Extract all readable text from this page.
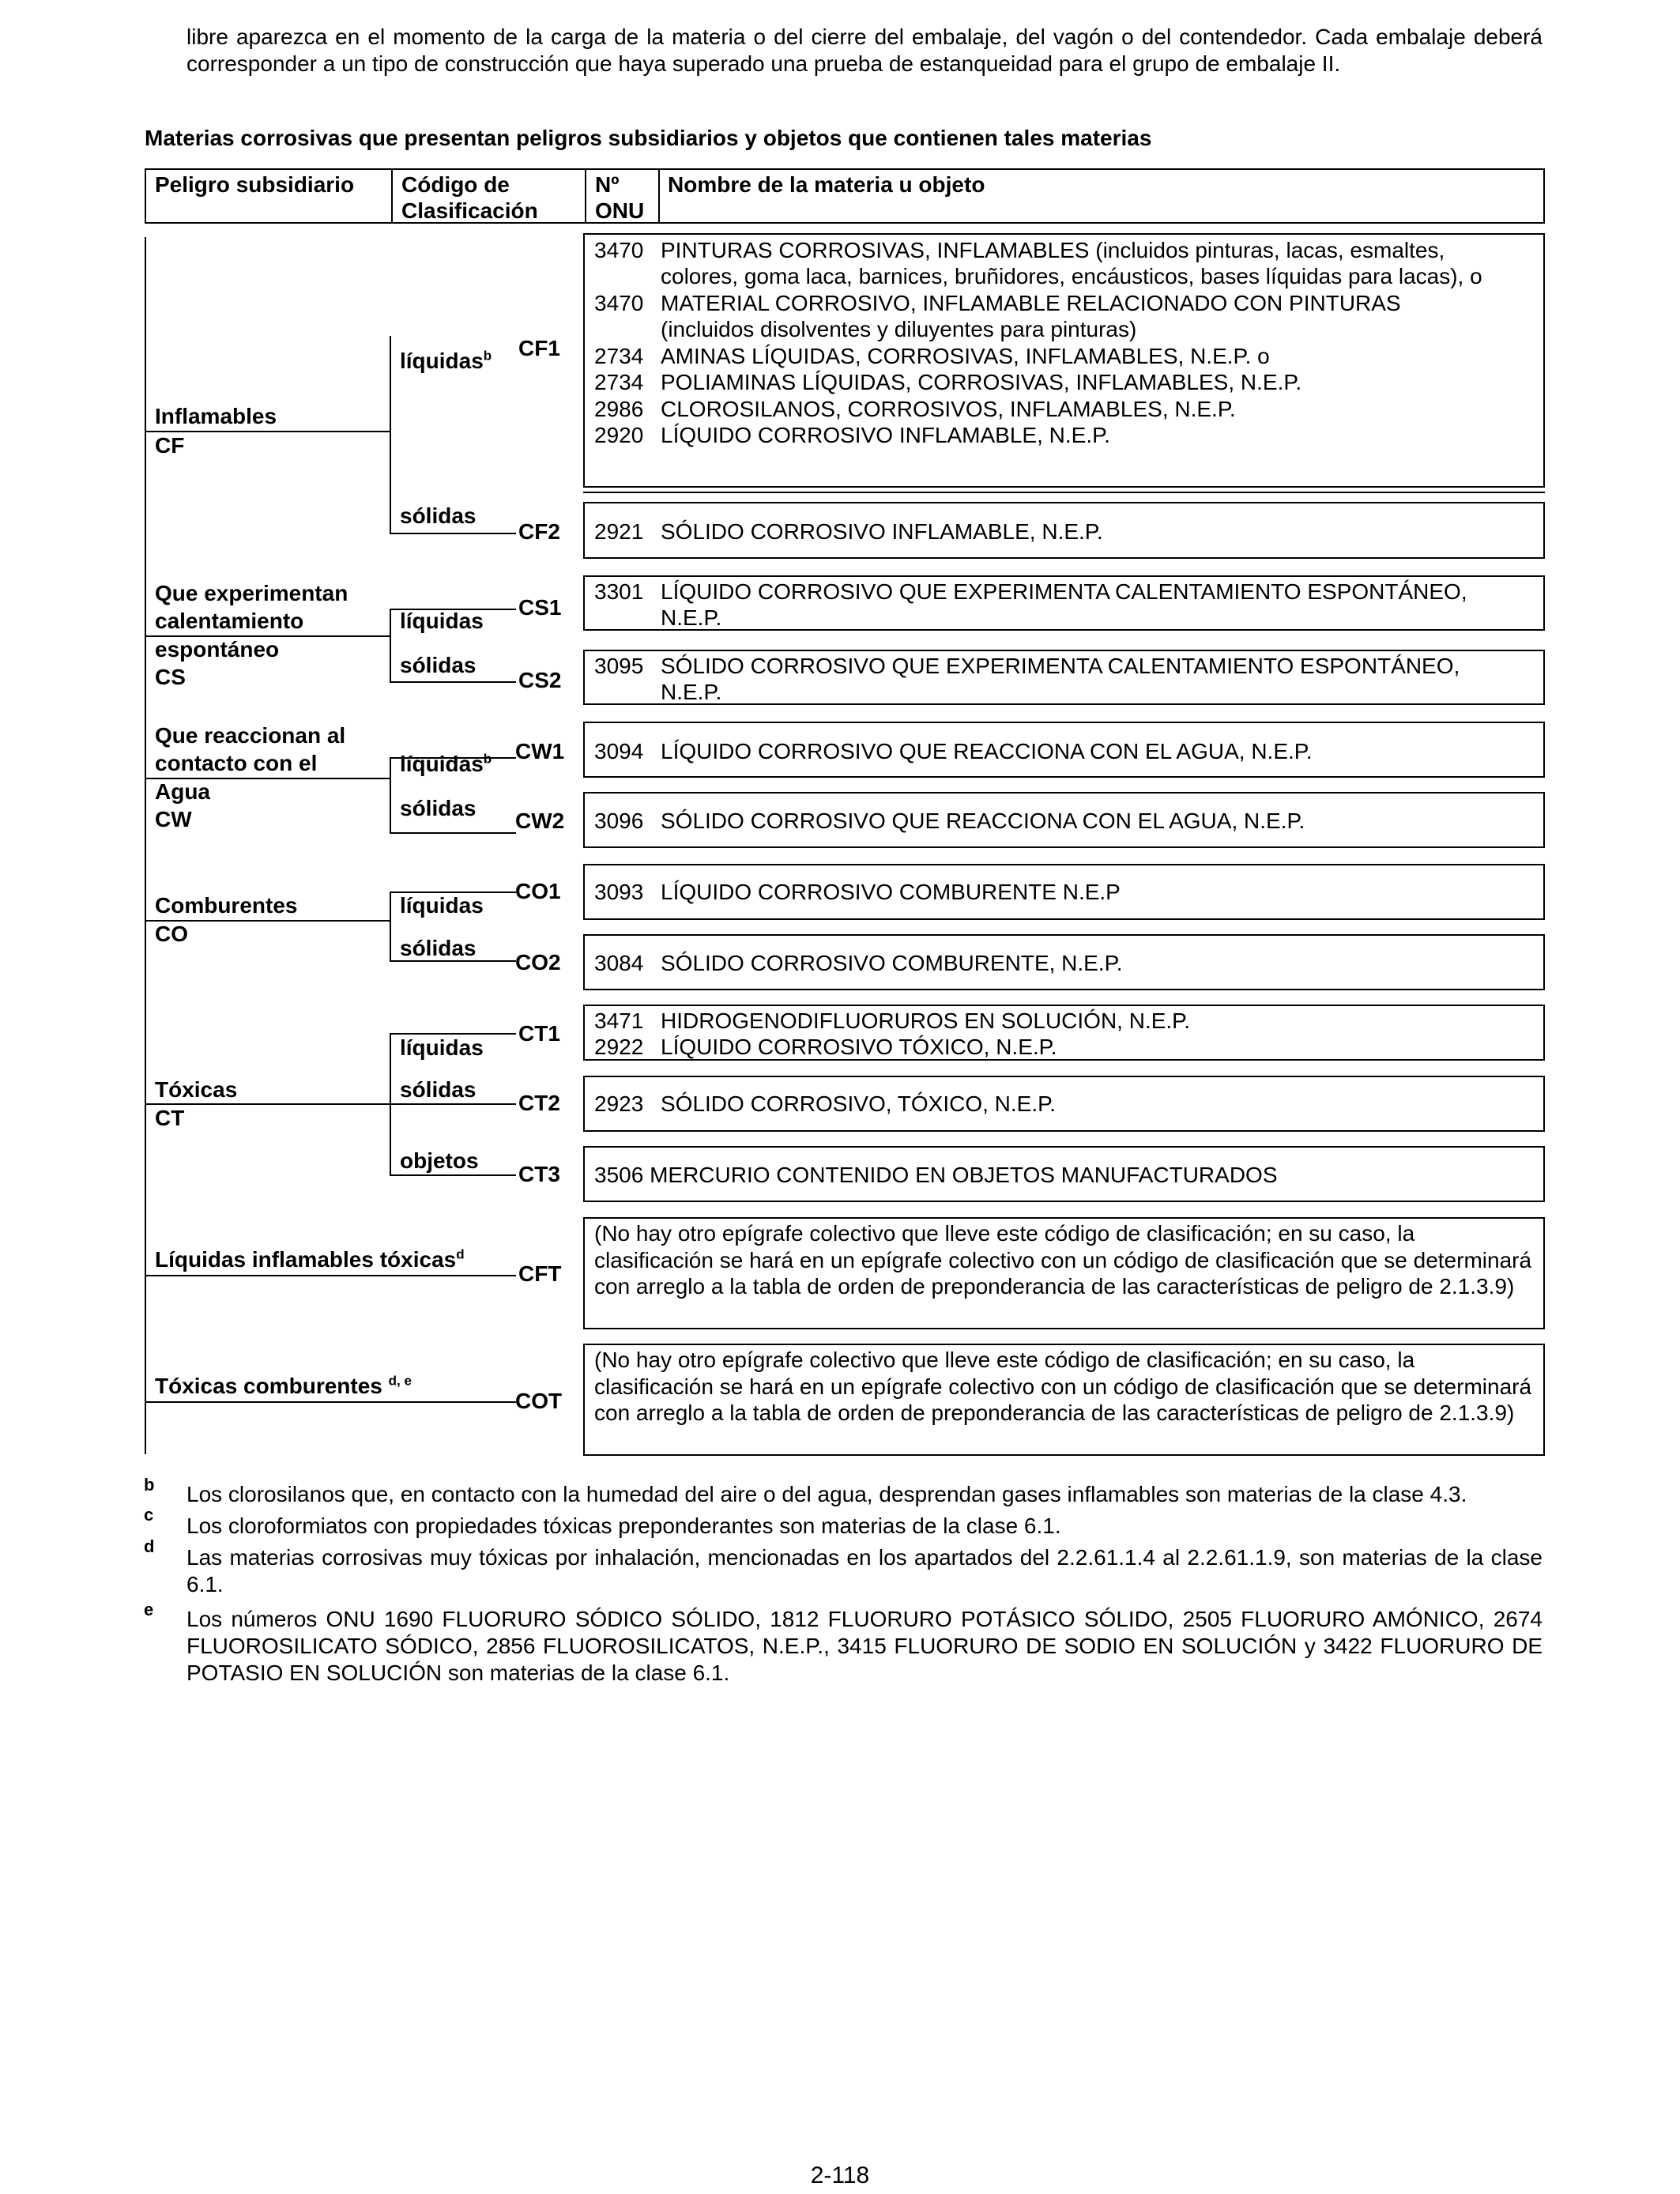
libre aparezca en el momento de la carga de la materia o del cierre del embalaje, del vagón o del contendedor. Cada embalaje deberá corresponder a un tipo de construcción que haya superado una prueba de estanqueidad para el grupo de embalaje II.
Materias corrosivas que presentan peligros subsidiarios y objetos que contienen tales materias
Peligro subsidiario Código de
Clasificación
Nº
ONU
Nombre de la materia u objeto
Inflamables
CF
Que experimentan
calentamiento
espontáneo
CS
Que reaccionan al
contacto con el
Agua
CW
Comburentes
CO
Tóxicas
CT
Líquidas inflamables tóxicas$^d$
Tóxicas comburentes $^{d, e}$
líquidas$^b$
sólidas
líquidas
sólidas
líquidas$^b$
sólidas
líquidas
sólidas
líquidas
sólidas
objetos
CF1
CF2
CS1
CS2
CW1
CW2
CO1
CO2
CT1
CT2
CT3
CFT
COT
3470 PINTURAS CORROSIVAS, INFLAMABLES (incluidos pinturas, lacas, esmaltes,
colores, goma laca, barnices, bruñidores, encáusticos, bases líquidas para lacas), o
3470 MATERIAL CORROSIVO, INFLAMABLE RELACIONADO CON PINTURAS
(incluidos disolventes y diluyentes para pinturas)
2734 AMINAS LÍQUIDAS, CORROSIVAS, INFLAMABLES, N.E.P. o
2734 POLIAMINAS LÍQUIDAS, CORROSIVAS, INFLAMABLES, N.E.P.
2986 CLOROSILANOS, CORROSIVOS, INFLAMABLES, N.E.P.
2920 LÍQUIDO CORROSIVO INFLAMABLE, N.E.P.
2921 SÓLIDO CORROSIVO INFLAMABLE, N.E.P.
3301 LÍQUIDO CORROSIVO QUE EXPERIMENTA CALENTAMIENTO ESPONTÁNEO,
N.E.P.
3095 SÓLIDO CORROSIVO QUE EXPERIMENTA CALENTAMIENTO ESPONTÁNEO,
N.E.P.
3094 LÍQUIDO CORROSIVO QUE REACCIONA CON EL AGUA, N.E.P.
3096 SÓLIDO CORROSIVO QUE REACCIONA CON EL AGUA, N.E.P.
3093 LÍQUIDO CORROSIVO COMBURENTE N.E.P
3084 SÓLIDO CORROSIVO COMBURENTE, N.E.P.
3471 HIDROGENODIFLUORUROS EN SOLUCIÓN, N.E.P.
2922 LÍQUIDO CORROSIVO TÓXICO, N.E.P.
2923 SÓLIDO CORROSIVO, TÓXICO, N.E.P.
3506 MERCURIO CONTENIDO EN OBJETOS MANUFACTURADOS
(No hay otro epígrafe colectivo que lleve este código de clasificación; en su caso, la clasificación se hará en un epígrafe colectivo con un código de clasificación que se determinará con arreglo a la tabla de orden de preponderancia de las características de peligro de 2.1.3.9)
(No hay otro epígrafe colectivo que lleve este código de clasificación; en su caso, la clasificación se hará en un epígrafe colectivo con un código de clasificación que se determinará con arreglo a la tabla de orden de preponderancia de las características de peligro de 2.1.3.9)
b Los clorosilanos que, en contacto con la humedad del aire o del agua, desprendan gases inflamables son materias de la clase 4.3.
c Los cloroformiatos con propiedades tóxicas preponderantes son materias de la clase 6.1.
d Las materias corrosivas muy tóxicas por inhalación, mencionadas en los apartados del 2.2.61.1.4 al 2.2.61.1.9, son materias de la clase 6.1.
e Los números ONU 1690 FLUORURO SÓDICO SÓLIDO, 1812 FLUORURO POTÁSICO SÓLIDO, 2505 FLUORURO AMÓNICO, 2674 FLUOROSILICATO SÓDICO, 2856 FLUOROSILICATOS, N.E.P., 3415 FLUORURO DE SODIO EN SOLUCIÓN y 3422 FLUORURO DE POTASIO EN SOLUCIÓN son materias de la clase 6.1.
2-118
